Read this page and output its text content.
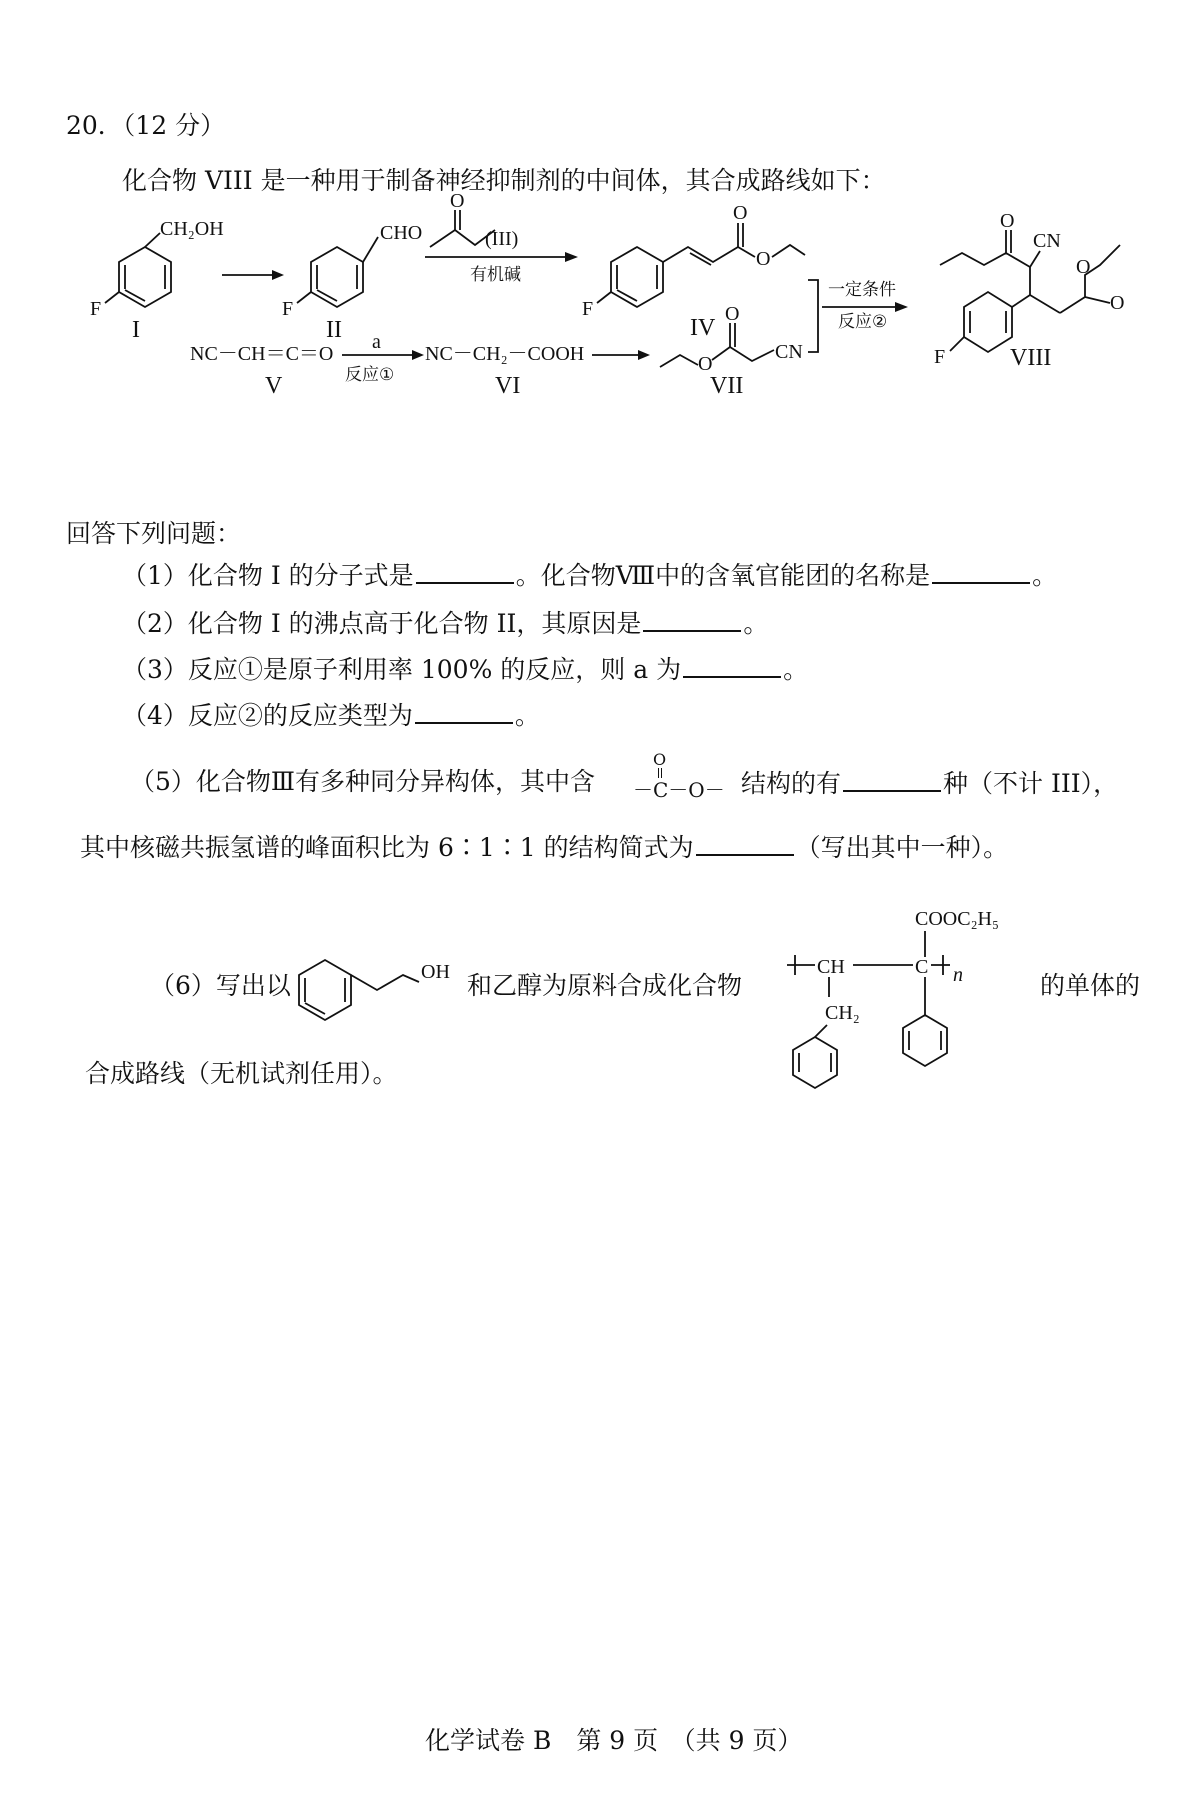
20．（12 分）
化合物 VIII 是一种用于制备神经抑制剂的中间体，其合成路线如下：
CH₂OH
F
I
CHO
F
II
O
(III)
有机碱
O
O
F
IV
一定条件
反应②
O
CN
O
O
F	VIII
NC－CH＝C＝O
V
a
反应①
NC－CH₂－COOH
VI
O
O
CN
VII
回答下列问题：
（1）化合物 I 的分子式是	。化合物Ⅷ中的含氧官能团的名称是	。
（2）化合物 I 的沸点高于化合物 II，其原因是	。
（3）反应①是原子利用率 100% 的反应，则 a 为	。
（4）反应②的反应类型为	。
（5）化合物Ⅲ有多种同分异构体，其中含
O
－C－O－ 结构的有	种（不计 III），
其中核磁共振氢谱的峰面积比为 6∶1∶1 的结构简式为	（写出其中一种）。
（6）写出以	OH 和乙醇为原料合成化合物
COOC₂H₅
CH	C n
CH₂
的单体的
合成路线（无机试剂任用）。
化学试卷 B　第 9 页　（共 9 页）
